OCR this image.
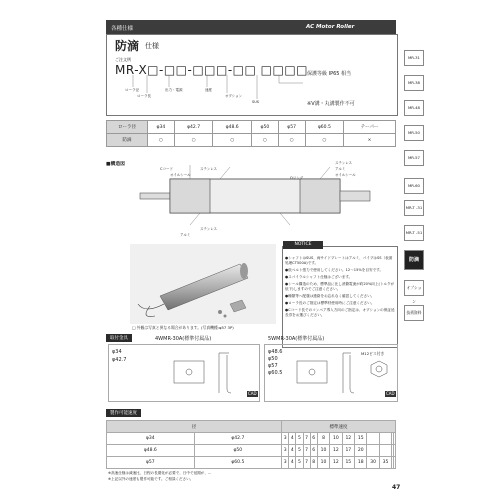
各種仕様	AC Motor Roller
防滴 仕様
ご注文例
MR-X□-□□-□□□-□□ □□□□
ローラ径
ローラ長
出力・電源	速度
オプション
SUS
保護等級 IP65 相当
※V溝・丸溝製作不可
ローラ径	φ34	φ42.7	φ48.6	φ50	φ57	φ60.5	テーパー
防滴	○	○	○	○	○	○	×
■構造図
Cコード	ステンレス
オイルシール
Oリング
ステンレス
アルミ
オイルシール
ステンレス
アルミ
□ 外観は写真と異なる場合があります。(写真機種:φ57 3P)
NOTICE
●シャフトはSUS、両サイドプレートはアルミ、パイプはSS（表面処理CT500A)です。
●低ベルト張力で使用してください。12～15%を目安です。
●スパイラルシャフト仕様はございます。
●シール構造のため、標準品に比し消費電流が約20%向上(トルクが低下)しますのでご注意ください。
●種類等へ配慮は連絡をお忘れなく確認してください。
●ローラ長のご指定は標準材使用時にご注意ください。
●Cコード長でのコンベア導入方向のご指定は、オプションの保証延長券をお選びください。
取付金具	4WMR-30A(標準付属品)	5WMR-30A(標準付属品)
φ34
φ42.7
CAD
φ48.6
φ50
φ57
φ60.5
M12ビス付き
CAD
製作可能速度
径		標準速度												
φ34	φ42.7	3	4	5	7	6	8	10	12	15				
φ48.6	φ50	3	4	5	7	6	10	12	17	20				
φ57	φ60.5	3	4	5	7	8	10	12	15	18	30	35		
※高速仕様は減速比、日程の長期化が必要で、日中で延期が、...
※上記以外の速度も製作可能です。ご相談ください。
MR-31
MR-38
MR-48
MR-50
MR-57
MR-60
MR-T -31
MR-T -51
防滴
オプション
技術資料
47
